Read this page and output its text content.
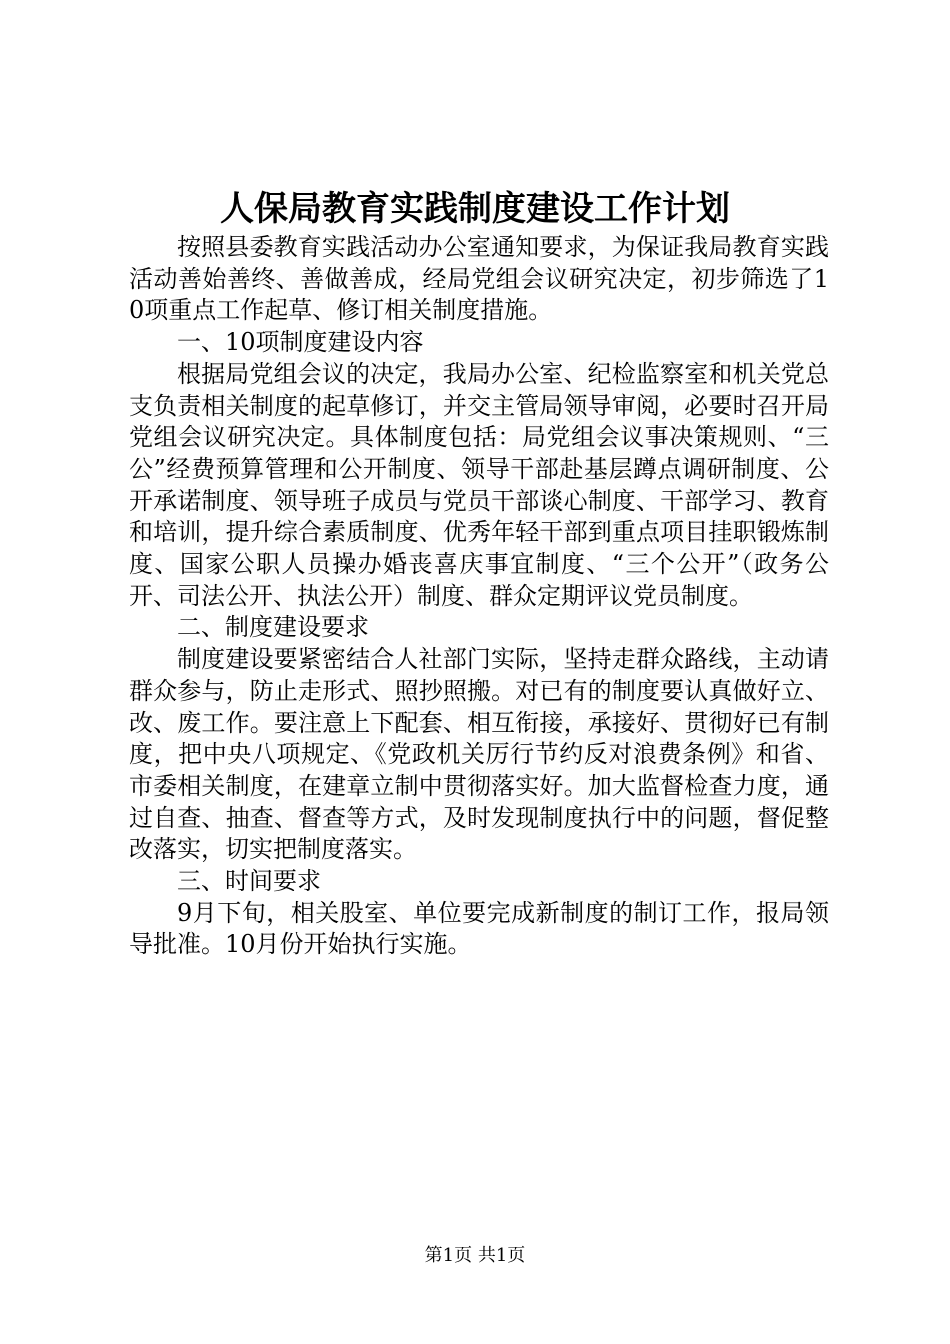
人保局教育实践制度建设工作计划

按照县委教育实践活动办公室通知要求，为保证我局教育实践活动善始善终、善做善成，经局党组会议研究决定，初步筛选了10项重点工作起草、修订相关制度措施。

一、10项制度建设内容

根据局党组会议的决定，我局办公室、纪检监察室和机关党总支负责相关制度的起草修订，并交主管局领导审阅，必要时召开局党组会议研究决定。具体制度包括：局党组会议事决策规则、“三公”经费预算管理和公开制度、领导干部赴基层蹲点调研制度、公开承诺制度、领导班子成员与党员干部谈心制度、干部学习、教育和培训，提升综合素质制度、优秀年轻干部到重点项目挂职锻炼制度、国家公职人员操办婚丧喜庆事宜制度、“三个公开”（政务公开、司法公开、执法公开）制度、群众定期评议党员制度。

二、制度建设要求

制度建设要紧密结合人社部门实际，坚持走群众路线，主动请群众参与，防止走形式、照抄照搬。对已有的制度要认真做好立、改、废工作。要注意上下配套、相互衔接，承接好、贯彻好已有制度，把中央八项规定、《党政机关厉行节约反对浪费条例》和省、市委相关制度，在建章立制中贯彻落实好。加大监督检查力度，通过自查、抽查、督查等方式，及时发现制度执行中的问题，督促整改落实，切实把制度落实。

三、时间要求

9月下旬，相关股室、单位要完成新制度的制订工作，报局领导批准。10月份开始执行实施。

第1页 共1页
